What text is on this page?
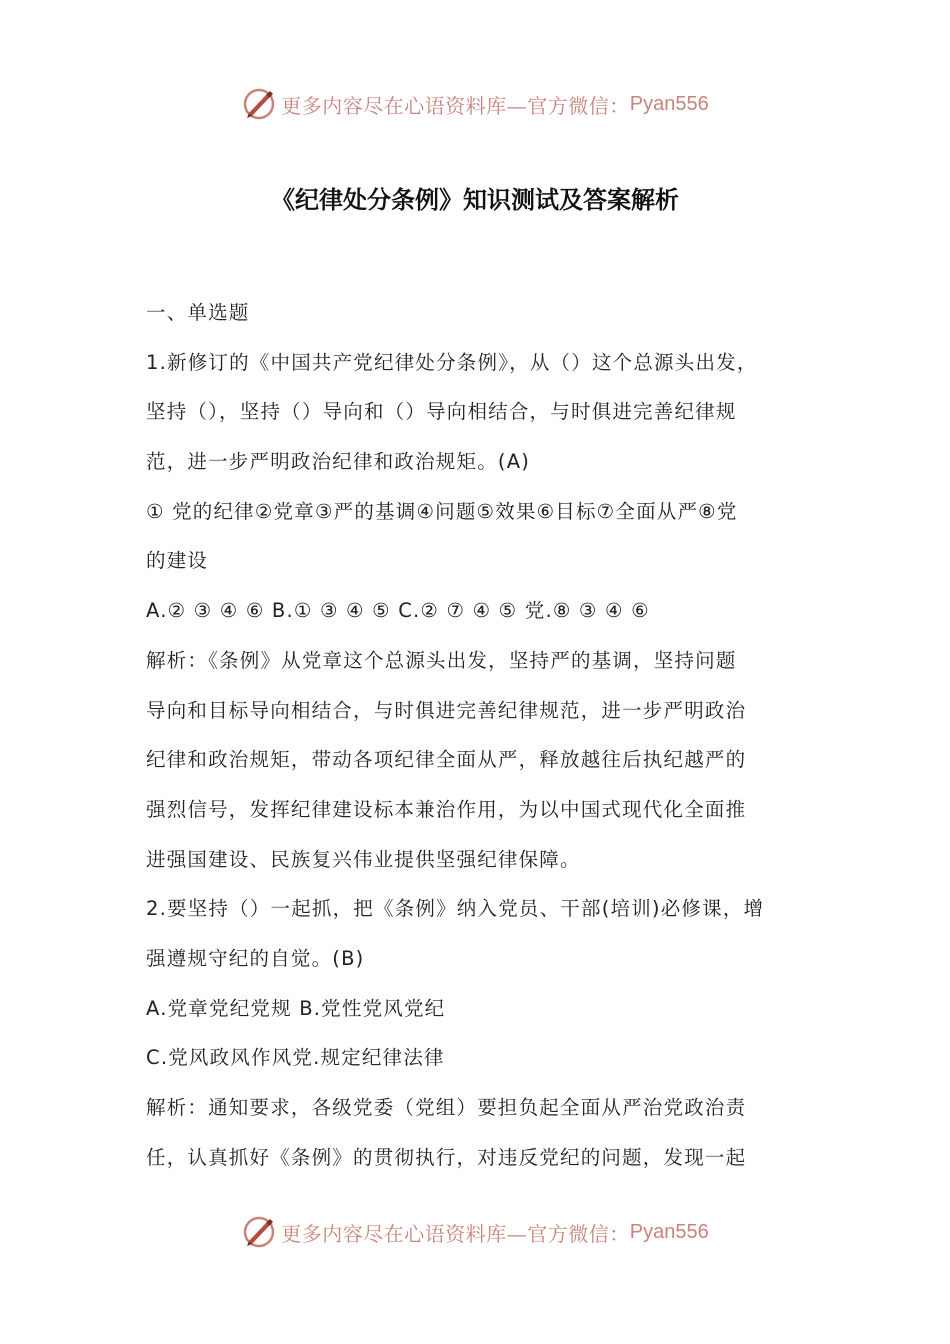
更多内容尽在心语资料库—官方微信： Pyan556
《纪律处分条例》知识测试及答案解析
一、单选题
1.新修订的《中国共产党纪律处分条例》，从（）这个总源头出发，
坚持（），坚持（）导向和（）导向相结合，与时俱进完善纪律规
范，进一步严明政治纪律和政治规矩。(A)
① 党的纪律②党章③严的基调④问题⑤效果⑥目标⑦全面从严⑧党
的建设
A.② ③ ④ ⑥ B.① ③ ④ ⑤ C.② ⑦ ④ ⑤ 党.⑧ ③ ④ ⑥
解析：《条例》从党章这个总源头出发，坚持严的基调，坚持问题
导向和目标导向相结合，与时俱进完善纪律规范，进一步严明政治
纪律和政治规矩，带动各项纪律全面从严，释放越往后执纪越严的
强烈信号，发挥纪律建设标本兼治作用，为以中国式现代化全面推
进强国建设、民族复兴伟业提供坚强纪律保障。
2.要坚持（）一起抓，把《条例》纳入党员、干部(培训)必修课，增
强遵规守纪的自觉。(B)
A.党章党纪党规 B.党性党风党纪
C.党风政风作风党.规定纪律法律
解析：通知要求，各级党委（党组）要担负起全面从严治党政治责
任，认真抓好《条例》的贯彻执行，对违反党纪的问题，发现一起
更多内容尽在心语资料库—官方微信： Pyan556
